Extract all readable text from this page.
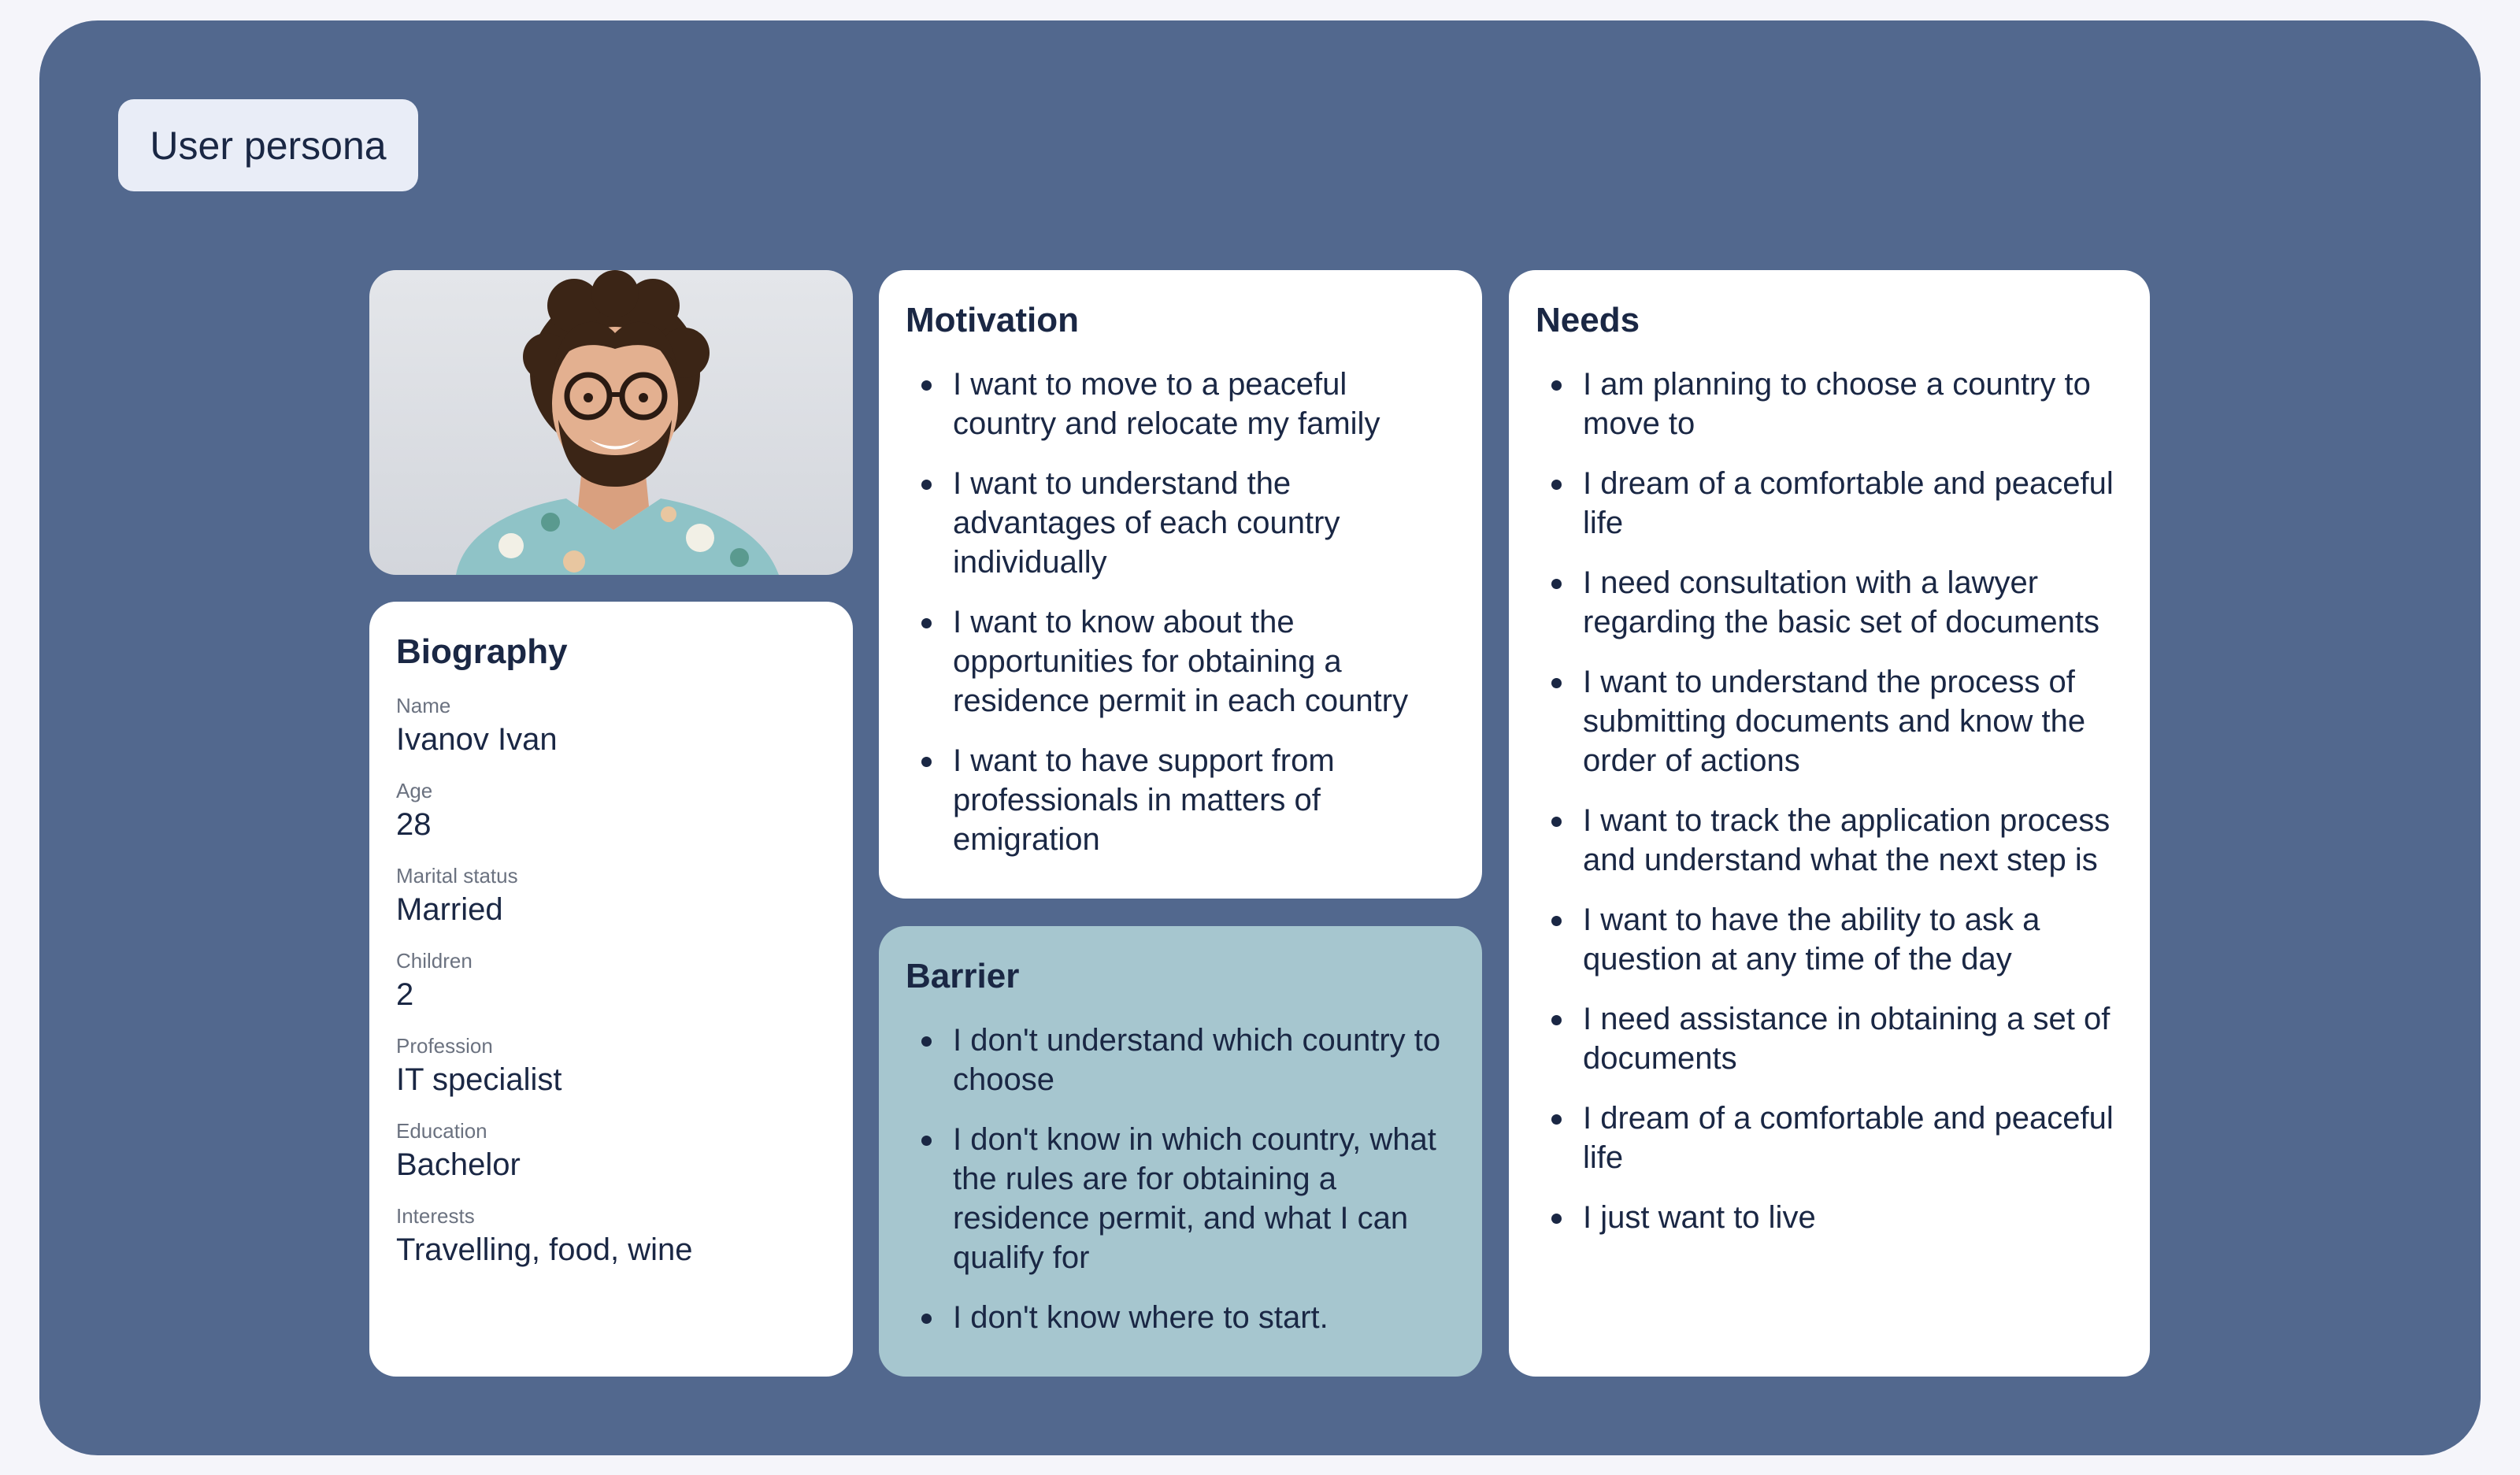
User persona
Biography
Name
Ivanov Ivan
Age
28
Marital status
Married
Children
2
Profession
IT specialist
Education
Bachelor
Interests
Travelling, food, wine
Motivation
I want to move to a peaceful country and relocate my family
I want to understand the advantages of each country individually
I want to know about the opportunities for obtaining a residence permit in each country
I want to have support from professionals in matters of emigration
Barrier
I don't understand which country to choose
I don't know in which country, what the rules are for obtaining a residence permit, and what I can qualify for
I don't know where to start.
Needs
I am planning to choose a country to move to
I dream of a comfortable and peaceful life
I need consultation with a lawyer regarding the basic set of documents
I want to understand the process of submitting documents and know the order of actions
I want to track the application process and understand what the next step is
I want to have the ability to ask a question at any time of the day
I need assistance in obtaining a set of documents
I dream of a comfortable and peaceful life
I just want to live
